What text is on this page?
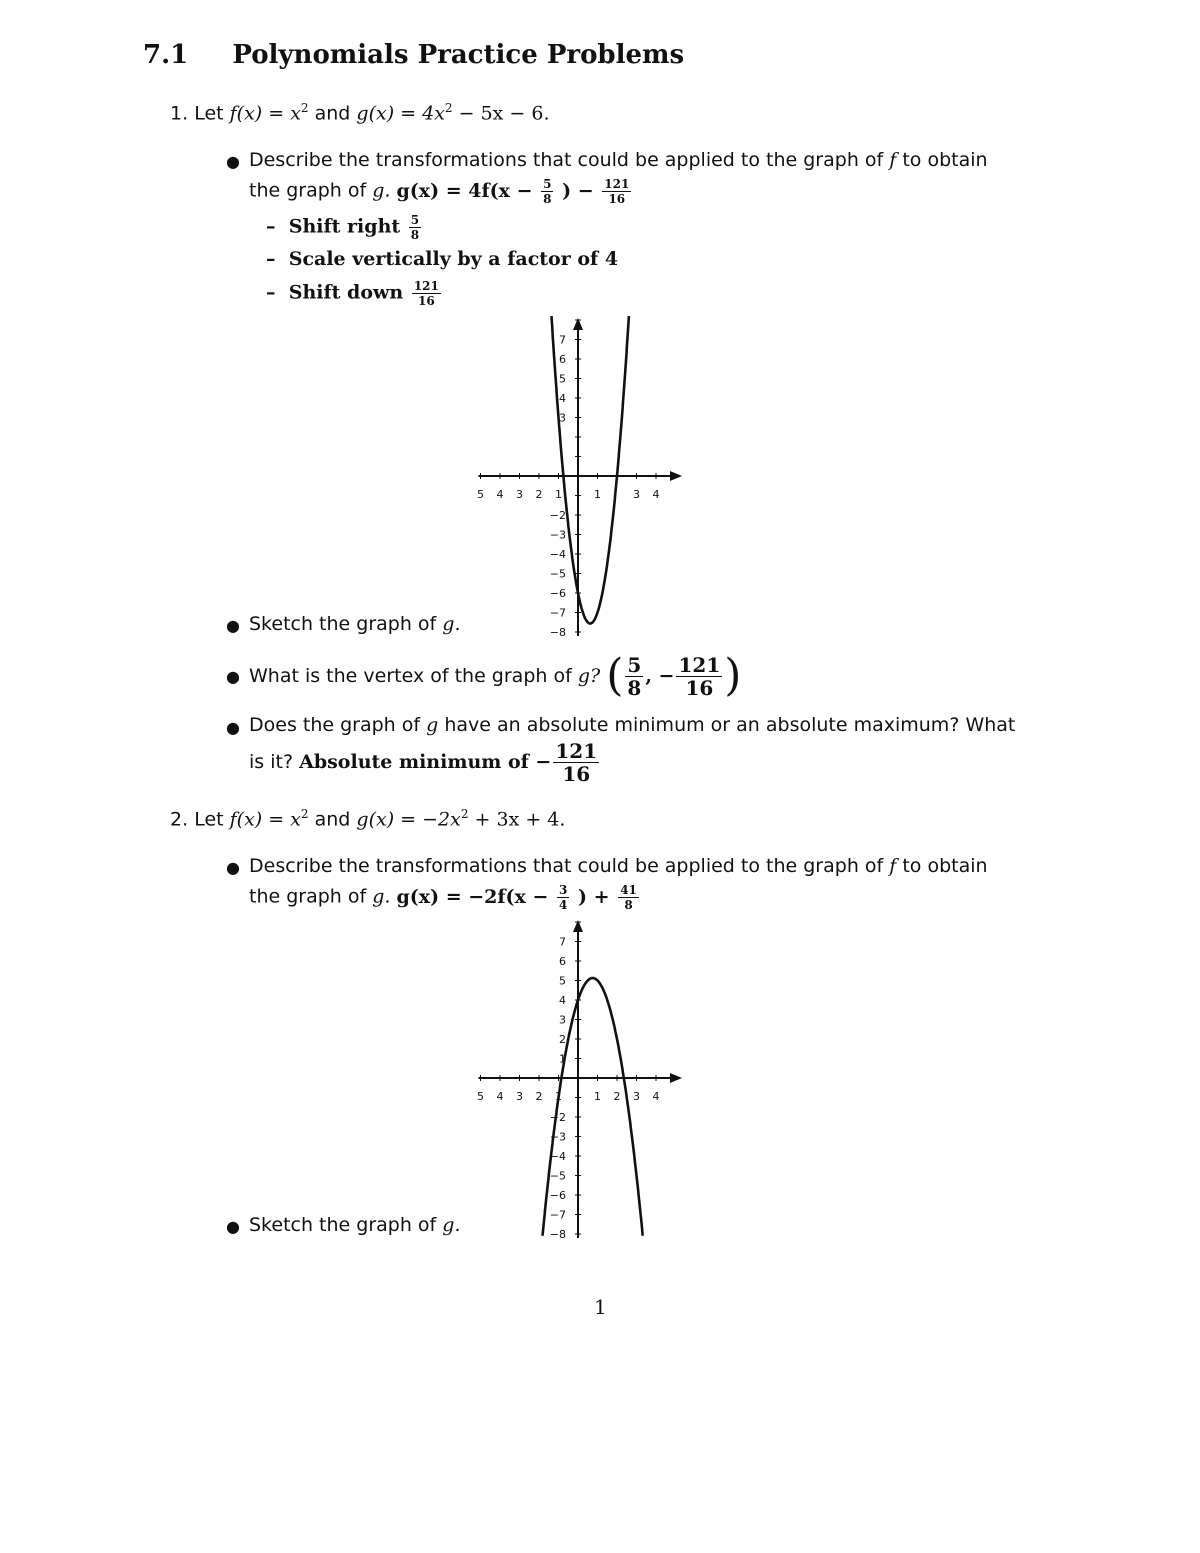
7.1 Polynomials Practice Problems
1. Let $f(x) = x^2$ and $g(x) = 4x^2 - 5x - 6$.
● Describe the transformations that could be applied to the graph of f to obtain
the graph of g. $g(x) = 4f(x - \frac{5}{8}$ ) − $\frac{121}{16}$
– Shift right $\frac{5}{8}$
– Scale vertically by a factor of 4
– Shift down $\frac{121}{16}$
5 4 3 2 1	1	3 4
7
6
5
4
3
−2
−3
−4
−5
−6
−7
−8
● Sketch the graph of g.
● What is the vertex of the graph of
g?
( $\frac{5}{8}$ , − $\frac{121}{16}$ )
● Does the graph of g have an absolute minimum or an absolute maximum? What
is it?
Absolute minimum of − $\frac{121}{16}$
2. Let $f(x) = x^2$ and $g(x) = -2x^2 + 3x + 4$.
● Describe the transformations that could be applied to the graph of f to obtain
the graph of g. $g(x) = -2f(x - \frac{3}{4}$ ) + $\frac{41}{8}$
5 4 3 2 1	1 2 3 4
7
6
5
4
3
2
1
−2
−3
−4
−5
−6
−7
−8
● Sketch the graph of g.
1
